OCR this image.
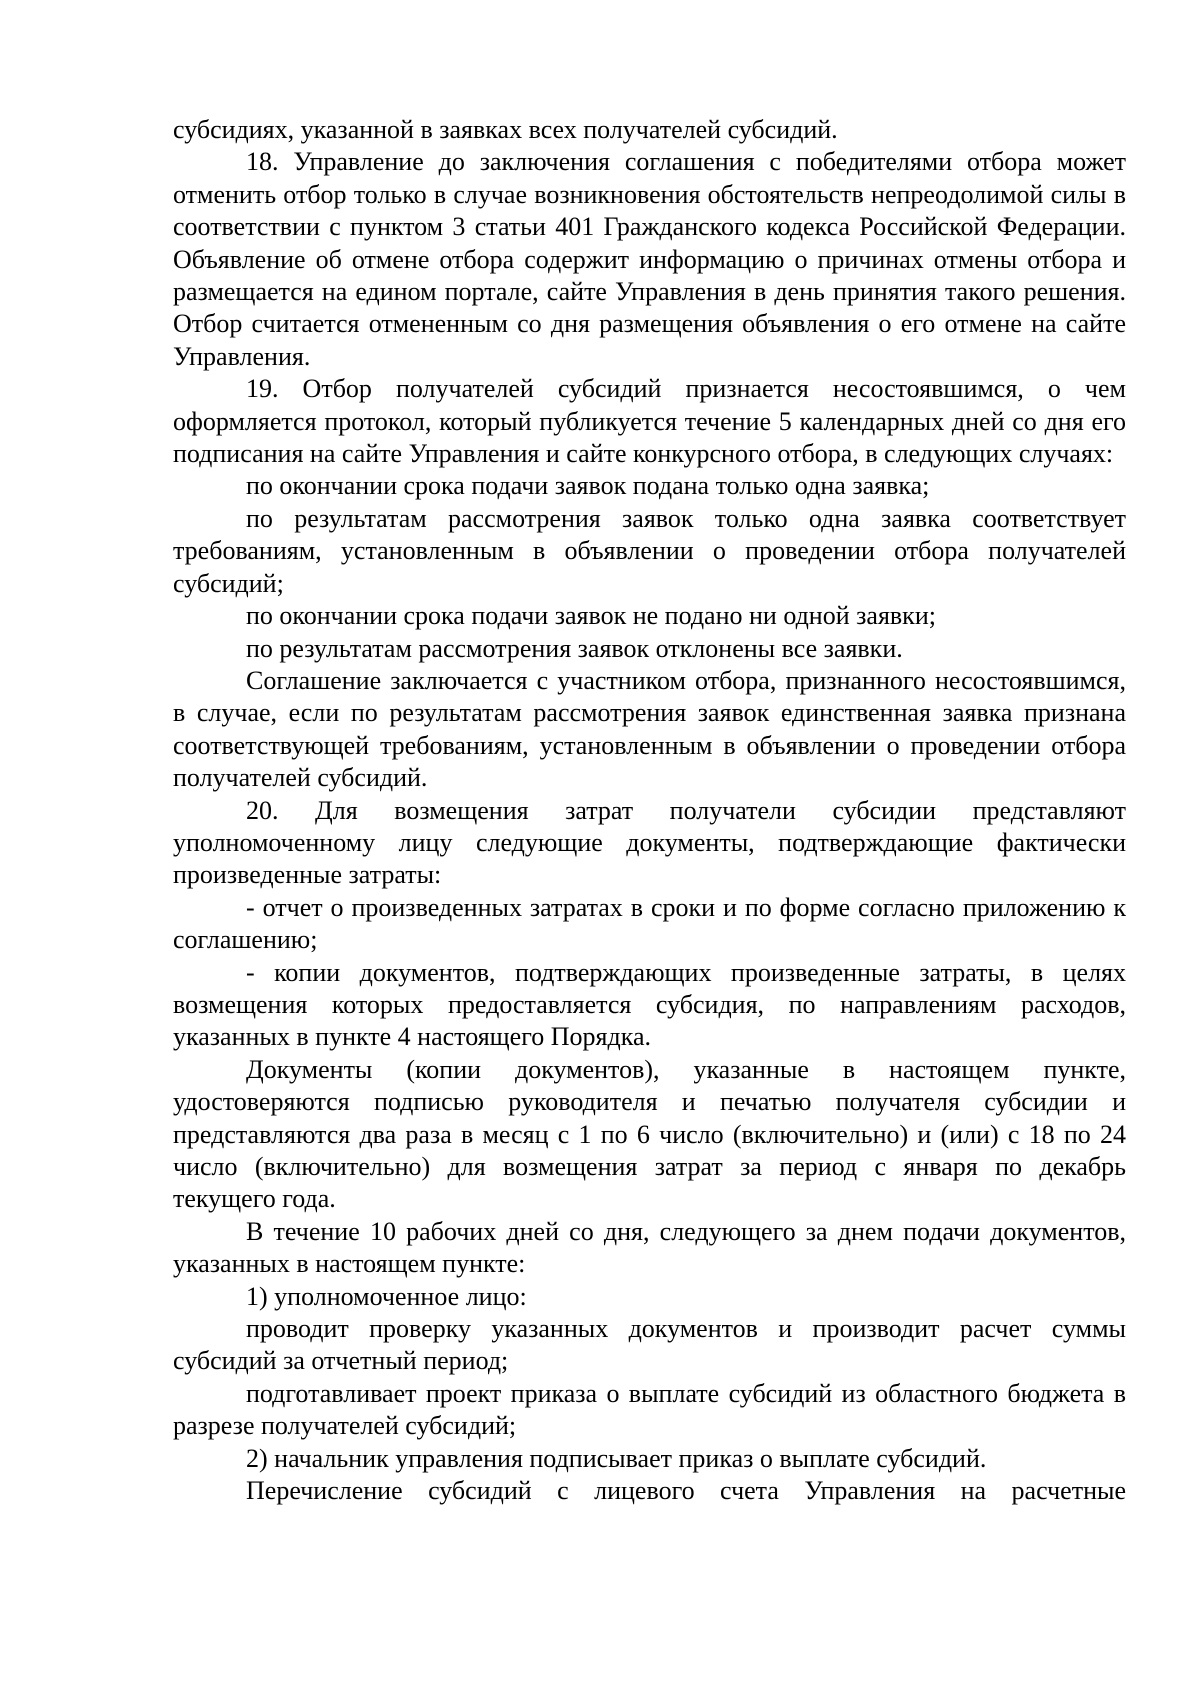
субсидиях, указанной в заявках всех получателей субсидий.

18. Управление до заключения соглашения с победителями отбора может отменить отбор только в случае возникновения обстоятельств непреодолимой силы в соответствии с пунктом 3 статьи 401 Гражданского кодекса Российской Федерации. Объявление об отмене отбора содержит информацию о причинах отмены отбора и размещается на едином портале, сайте Управления в день принятия такого решения. Отбор считается отмененным со дня размещения объявления о его отмене на сайте Управления.

19. Отбор получателей субсидий признается несостоявшимся, о чем оформляется протокол, который публикуется течение 5 календарных дней со дня его подписания на сайте Управления и сайте конкурсного отбора, в следующих случаях:

по окончании срока подачи заявок подана только одна заявка;

по результатам рассмотрения заявок только одна заявка соответствует требованиям, установленным в объявлении о проведении отбора получателей субсидий;

по окончании срока подачи заявок не подано ни одной заявки;

по результатам рассмотрения заявок отклонены все заявки.

Соглашение заключается с участником отбора, признанного несостоявшимся, в случае, если по результатам рассмотрения заявок единственная заявка признана соответствующей требованиям, установленным в объявлении о проведении отбора получателей субсидий.

20. Для возмещения затрат получатели субсидии представляют уполномоченному лицу следующие документы, подтверждающие фактически произведенные затраты:

- отчет о произведенных затратах в сроки и по форме согласно приложению к соглашению;

- копии документов, подтверждающих произведенные затраты, в целях возмещения которых предоставляется субсидия, по направлениям расходов, указанных в пункте 4 настоящего Порядка.

Документы (копии документов), указанные в настоящем пункте, удостоверяются подписью руководителя и печатью получателя субсидии и представляются два раза в месяц с 1 по 6 число (включительно) и (или) с 18 по 24 число (включительно) для возмещения затрат за период с января по декабрь текущего года.

В течение 10 рабочих дней со дня, следующего за днем подачи документов, указанных в настоящем пункте:

1) уполномоченное лицо:

проводит проверку указанных документов и производит расчет суммы субсидий за отчетный период;

подготавливает проект приказа о выплате субсидий из областного бюджета в разрезе получателей субсидий;

2) начальник управления подписывает приказ о выплате субсидий.

Перечисление субсидий с лицевого счета Управления на расчетные
